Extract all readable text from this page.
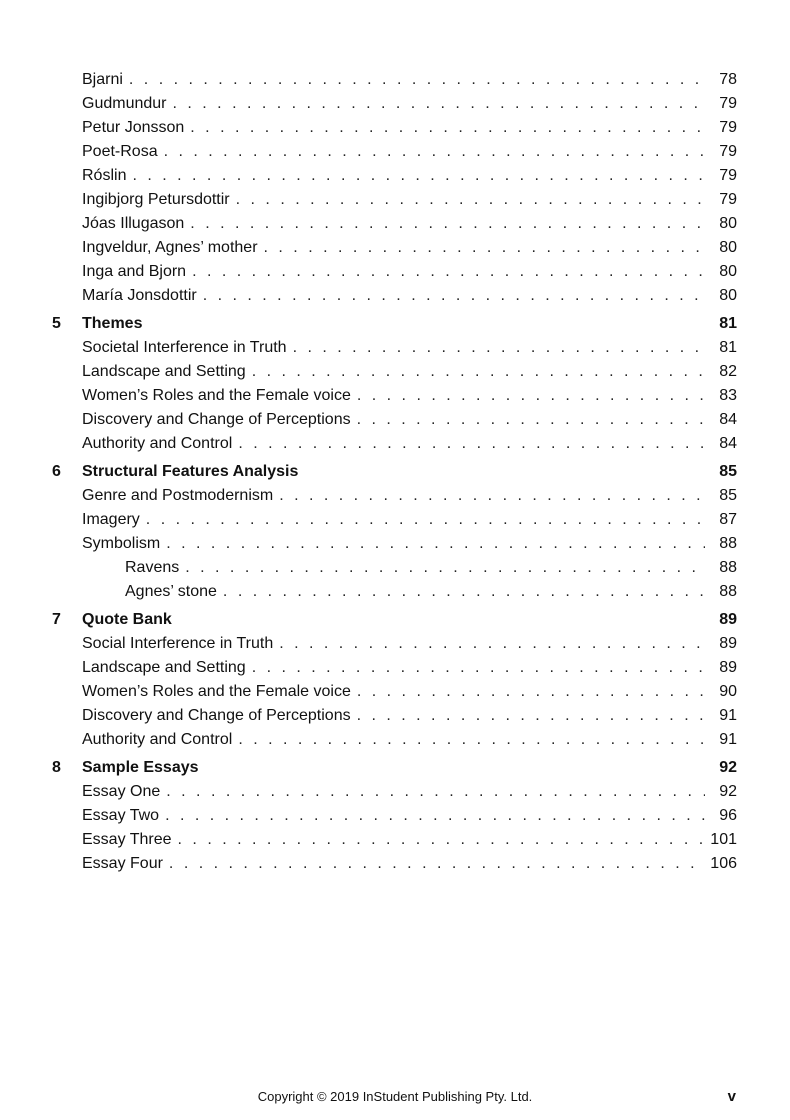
Bjarni . . .	78
Gudmundur . . .	79
Petur Jonsson . . .	79
Poet-Rosa . . .	79
Róslin . . .	79
Ingibjorg Petursdottir . . .	79
Jóas Illugason . . .	80
Ingveldur, Agnes’ mother . . .	80
Inga and Bjorn . . .	80
María Jonsdottir . . .	80
5	Themes	81
Societal Interference in Truth . . .	81
Landscape and Setting . . .	82
Women’s Roles and the Female voice . . .	83
Discovery and Change of Perceptions . . .	84
Authority and Control . . .	84
6	Structural Features Analysis	85
Genre and Postmodernism . . .	85
Imagery . . .	87
Symbolism . . .	88
Ravens . . .	88
Agnes’ stone . . .	88
7	Quote Bank	89
Social Interference in Truth . . .	89
Landscape and Setting . . .	89
Women’s Roles and the Female voice . . .	90
Discovery and Change of Perceptions . . .	91
Authority and Control . . .	91
8	Sample Essays	92
Essay One . . .	92
Essay Two . . .	96
Essay Three . . .	101
Essay Four . . .	106
Copyright © 2019 InStudent Publishing Pty. Ltd.	v
